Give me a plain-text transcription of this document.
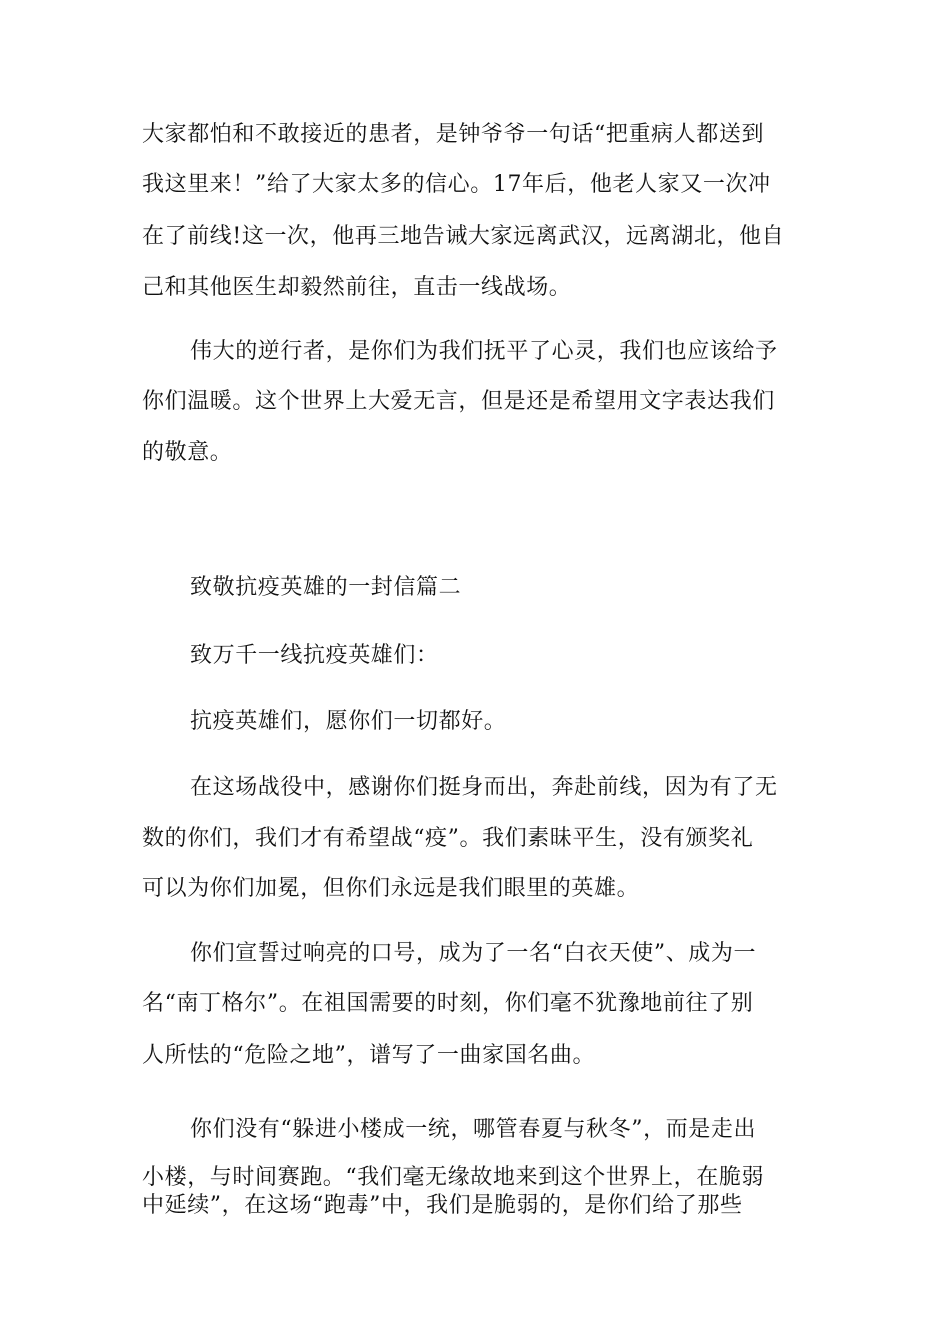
大家都怕和不敢接近的患者，是钟爷爷一句话“把重病人都送到
我这里来！”给了大家太多的信心。17年后，他老人家又一次冲
在了前线!这一次，他再三地告诫大家远离武汉，远离湖北，他自
己和其他医生却毅然前往，直击一线战场。
伟大的逆行者，是你们为我们抚平了心灵，我们也应该给予
你们温暖。这个世界上大爱无言，但是还是希望用文字表达我们
的敬意。
致敬抗疫英雄的一封信篇二
致万千一线抗疫英雄们：
抗疫英雄们，愿你们一切都好。
在这场战役中，感谢你们挺身而出，奔赴前线，因为有了无
数的你们，我们才有希望战“疫”。我们素昧平生，没有颁奖礼
可以为你们加冕，但你们永远是我们眼里的英雄。
你们宣誓过响亮的口号，成为了一名“白衣天使”、成为一
名“南丁格尔”。在祖国需要的时刻，你们毫不犹豫地前往了别
人所怯的“危险之地”，谱写了一曲家国名曲。
你们没有“躲进小楼成一统，哪管春夏与秋冬”，而是走出
小楼，与时间赛跑。“我们毫无缘故地来到这个世界上，在脆弱
中延续”，在这场“跑毒”中，我们是脆弱的，是你们给了那些
